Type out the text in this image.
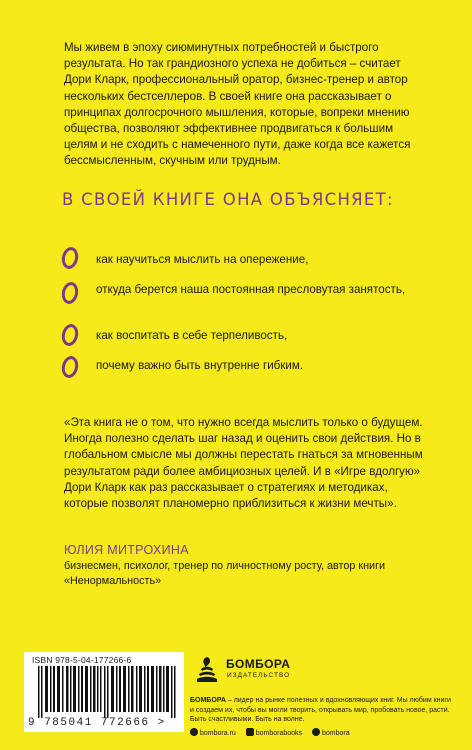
Мы живем в эпоху сиюминутных потребностей и быстрого результата. Но так грандиозного успеха не добиться – считает Дори Кларк, профессиональный оратор, бизнес-тренер и автор нескольких бестселлеров. В своей книге она рассказывает о принципах долгосрочного мышления, которые, вопреки мнению общества, позволяют эффективнее продвигаться к большим целям и не сходить с намеченного пути, даже когда все кажется бессмысленным, скучным или трудным.
В СВОЕЙ КНИГЕ ОНА ОБЪЯСНЯЕТ:
как научиться мыслить на опережение,
откуда берется наша постоянная пресловутая занятость,
как воспитать в себе терпеливость,
почему важно быть внутренне гибким.
«Эта книга не о том, что нужно всегда мыслить только о будущем. Иногда полезно сделать шаг назад и оценить свои действия. Но в глобальном смысле мы должны перестать гнаться за мгновенным результатом ради более амбициозных целей. И в «Игре вдолгую» Дори Кларк как раз рассказывает о стратегиях и методиках, которые позволят планомерно приблизиться к жизни мечты».
ЮЛИЯ МИТРОХИНА
бизнесмен, психолог, тренер по личностному росту, автор книги «Ненормальность»
ISBN 978-5-04-177266-6
9 785041 772666 >
БОМБОРА
ИЗДАТЕЛЬСТВО
БОМБОРА – лидер на рынке полезных и вдохновляющих книг. Мы любим книги и создаем их, чтобы вы могли творить, открывать мир, пробовать новое, расти. Быть счастливыми. Быть на волне.
bombora.ru	bomborabooks	bombora
